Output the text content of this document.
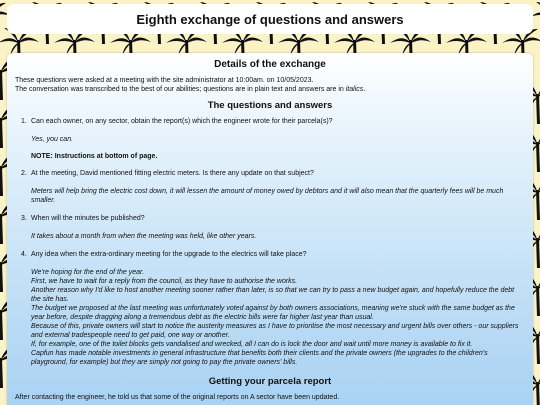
Eighth exchange of questions and answers
Details of the exchange
These questions were asked at a meeting with the site administrator at 10:00am. on 10/05/2023.
The conversation was transcribed to the best of our abilities; questions are in plain text and answers are in italics.
The questions and answers
1. Can each owner, on any sector, obtain the report(s) which the engineer wrote for their parcela(s)?
Yes, you can.
NOTE: Instructions at bottom of page.
2. At the meeting, David mentioned fitting electric meters. Is there any update on that subject?
Meters will help bring the electric cost down, it will lessen the amount of money owed by debtors and it will also mean that the quarterly fees will be much smaller.
3. When will the minutes be published?
It takes about a month from when the meeting was held, like other years.
4. Any idea when the extra-ordinary meeting for the upgrade to the electrics will take place?
We're hoping for the end of the year.
First, we have to wait for a reply from the council, as they have to authorise the works.
Another reason why I'd like to host another meeting sooner rather than later, is so that we can try to pass a new budget again, and hopefully reduce the debt the site has.
The budget we proposed at the last meeting was unfortunately voted against by both owners associations, meaning we're stuck with the same budget as the year before, despite dragging along a tremendous debt as the electric bills were far higher last year than usual.
Because of this, private owners will start to notice the austerity measures as I have to prioritise the most necessary and urgent bills over others - our suppliers and external tradespeople need to get paid, one way or another.
If, for example, one of the toilet blocks gets vandalised and wrecked, all I can do is lock the door and wait until more money is available to fix it.
Capfun has made notable investments in general infrastructure that benefits both their clients and the private owners (the upgrades to the children's playground, for example) but they are simply not going to pay the private owners' bills.
Getting your parcela report
After contacting the engineer, he told us that some of the original reports on A sector have been updated.
